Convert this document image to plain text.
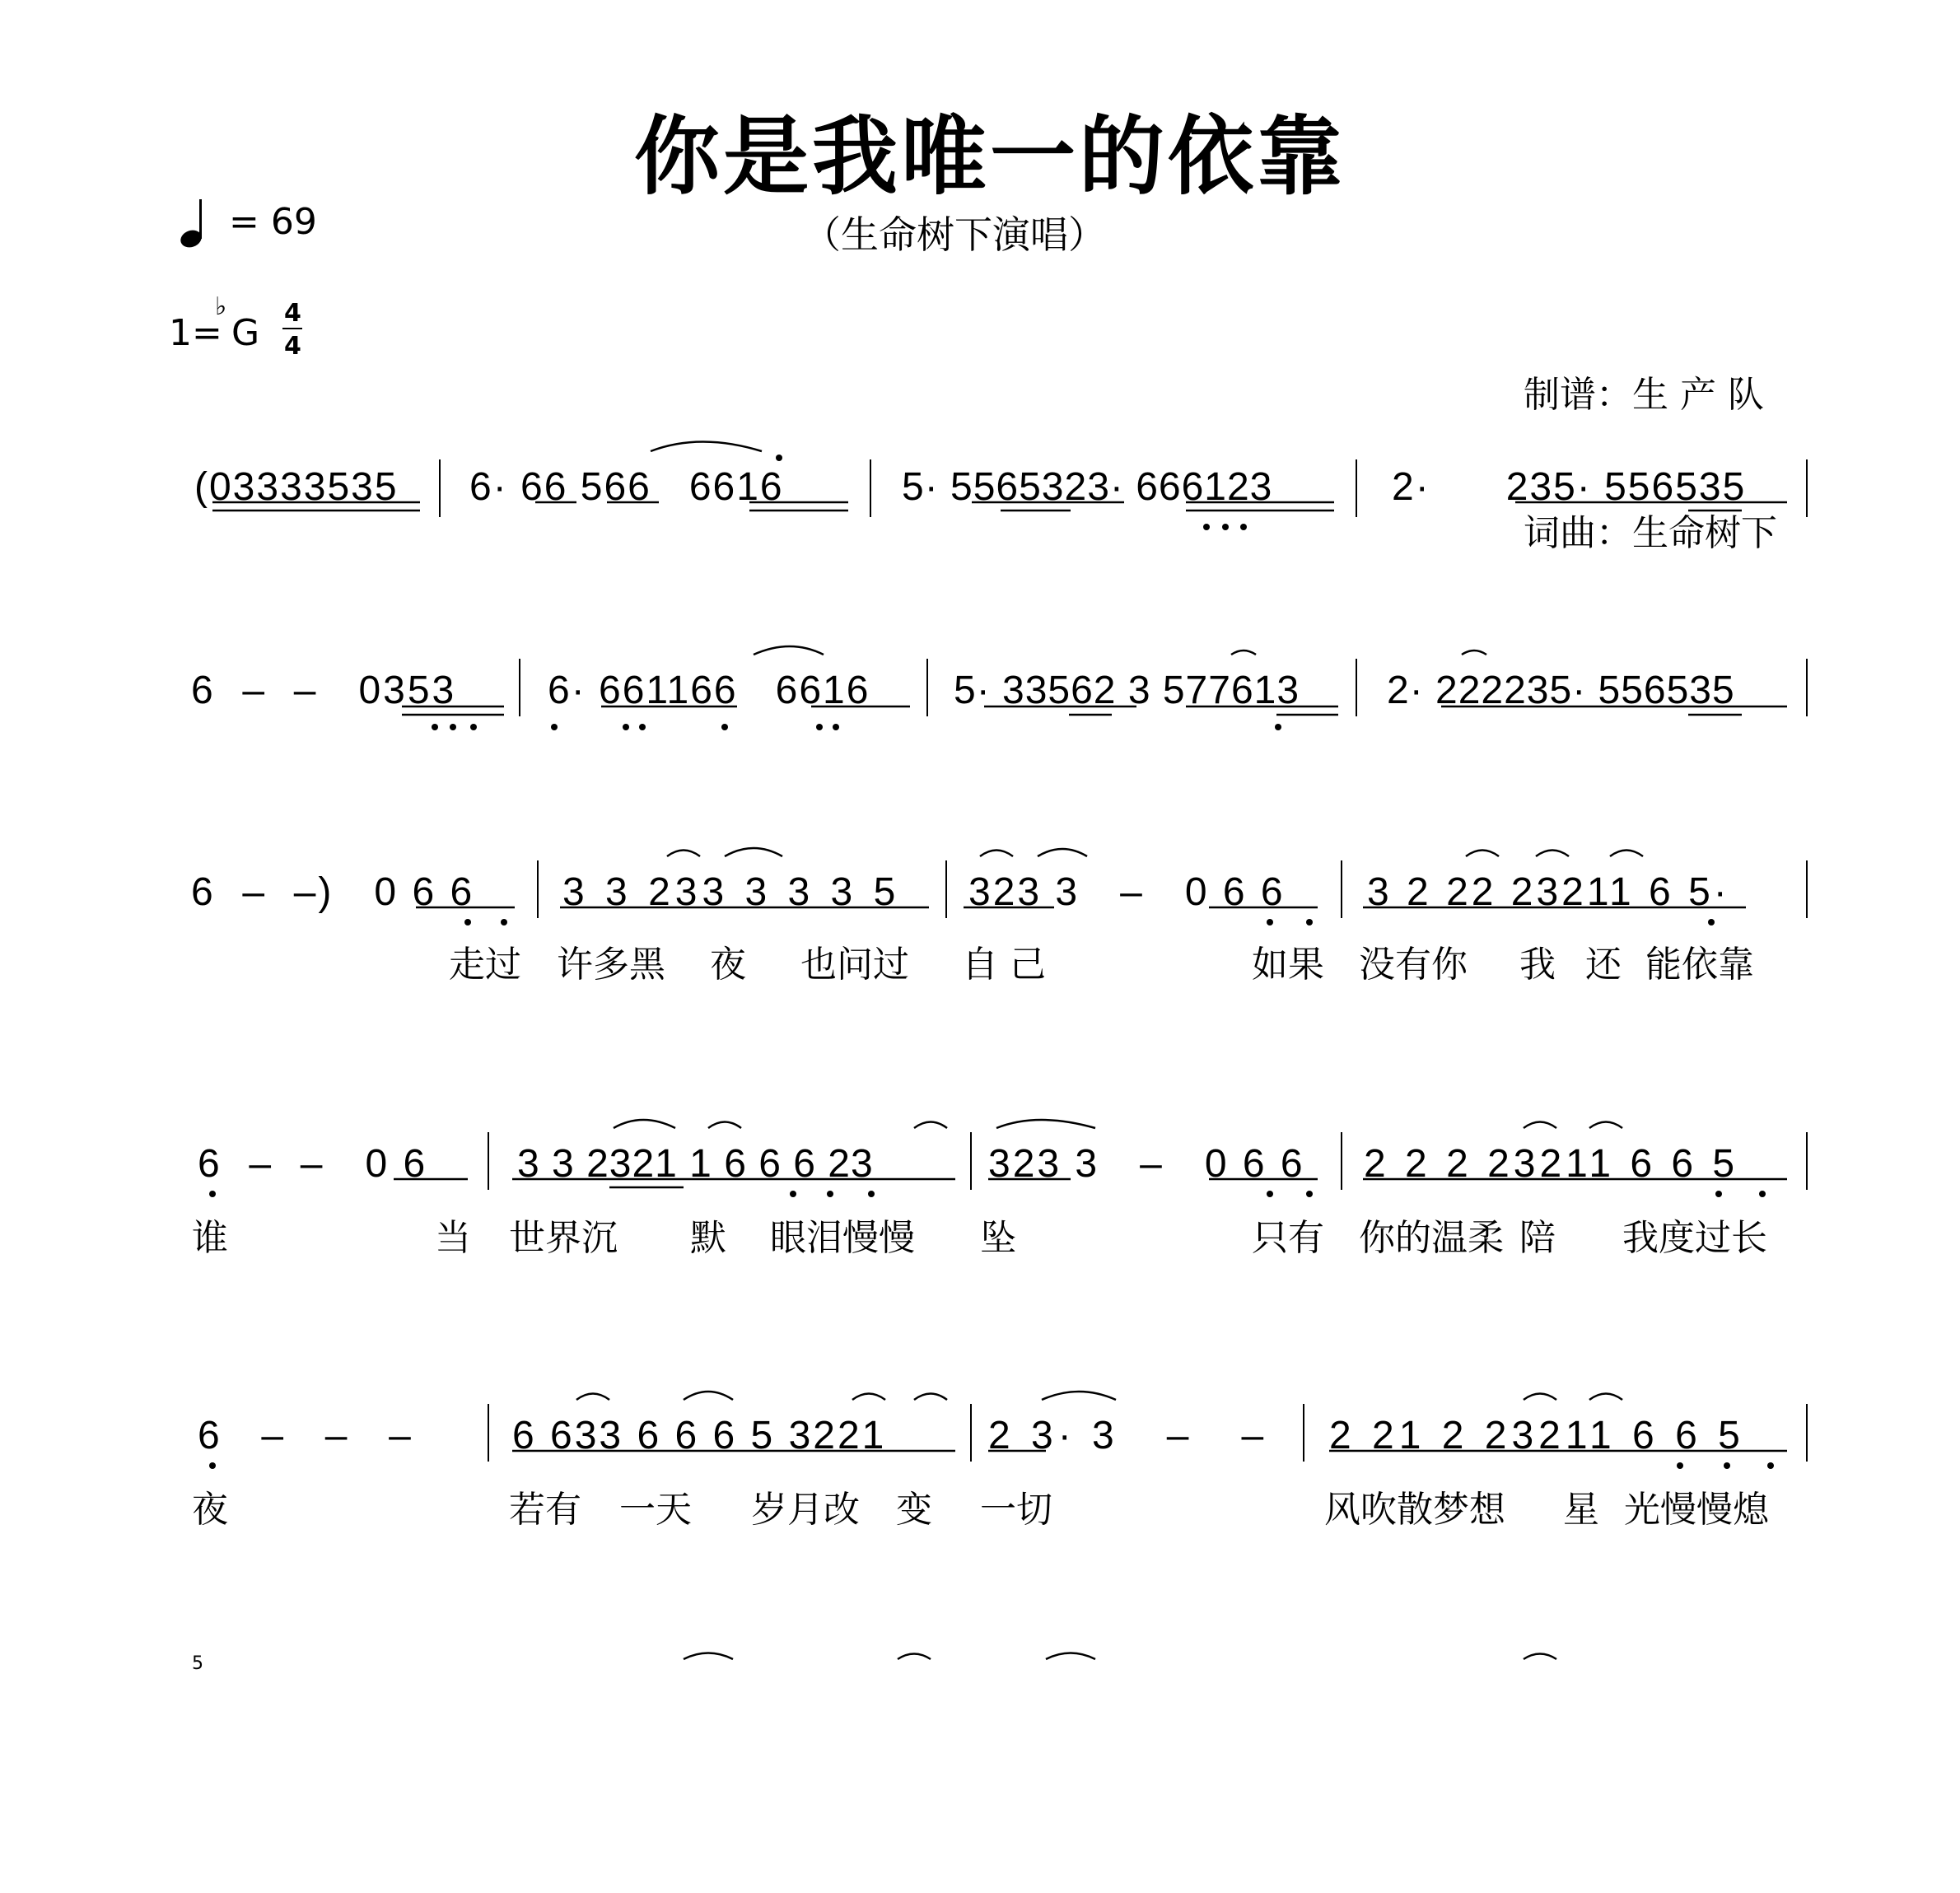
你是我唯一的依靠
（生命树下演唱）

= 69

1=

♭

G

4

4

制谱：生 产 队

词曲：生命树下

(03333535 6· 66 566   6616	5· 5565323· 666123	2·      235· 556535
6  –  –   0353 6· 661166   6616 5· 33562 3 577613 2· 222235· 556535
6  –  –)   0 6 6 3 3 233 3 3 3 5 323 3   –   0 6 6 3 2 22 23211 6 5·

走过

许多黑

夜

也问过

自 己

	如果

没有你

我

还

能依靠

6  –  –   0 6 3 3 2321 1 6 6 6 23	323 3   –   0 6 6 2 2 2 23211 6 6 5

谁

	当

世界沉

默

眼泪慢慢

坠

	只有

你的温柔

陪

我度过长

6  –  –  – 6 633 6 6 6 5 3221	2 3· 3   –   – 2 21 2 23211 6 6 5

夜

	若有

一天

岁月改

变

一切

	风吹散梦想

星

光慢慢熄

5
